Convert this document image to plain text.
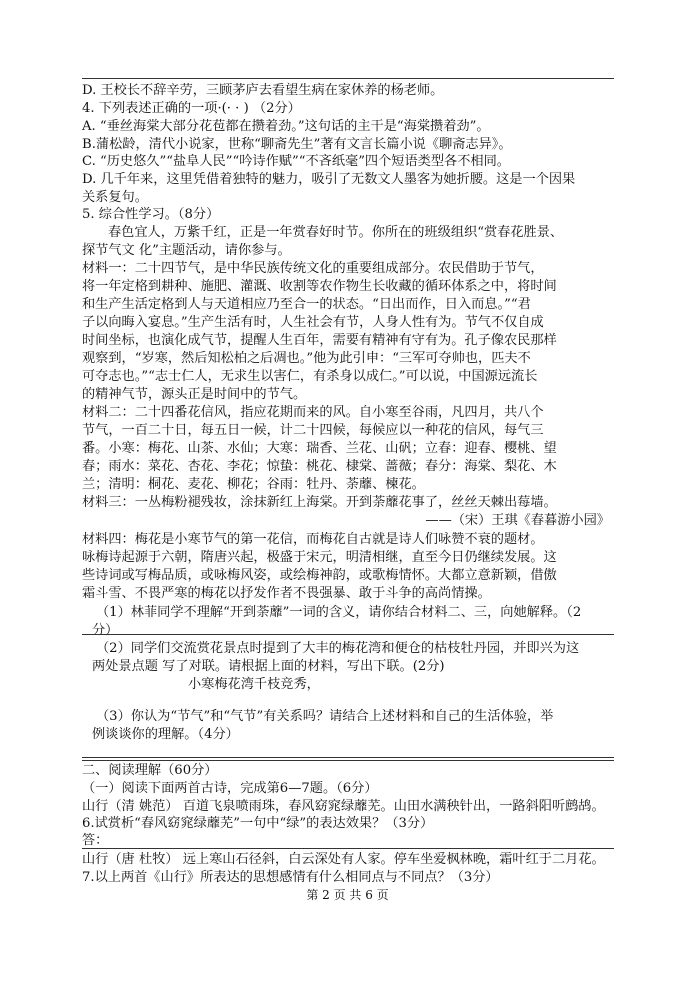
D. 王校长不辞辛劳，三顾茅庐去看望生病在家休养的杨老师。
4. 下列表述正确的一项·(· · ) （2分）
A. “垂丝海棠大部分花苞都在攒着劲。”这句话的主干是“海棠攒着劲”。
B.蒲松龄，清代小说家，世称“聊斋先生”著有文言长篇小说《聊斋志异》。
C. “历史悠久”“盐阜人民”“吟诗作赋”“不吝纸毫”四个短语类型各不相同。
D. 几千年来，这里凭借着独特的魅力，吸引了无数文人墨客为她折腰。这是一个因果
关系复句。
5. 综合性学习。（8分）
春色宜人，万紫千红，正是一年赏春好时节。你所在的班级组织“赏春花胜景、
探节气文 化”主题活动，请你参与。
材料一：二十四节气，是中华民族传统文化的重要组成部分。农民借助于节气，
将一年定格到耕种、施肥、灌溉、收割等农作物生长收藏的循环体系之中，将时间
和生产生活定格到人与天道相应乃至合一的状态。“日出而作，日入而息。”“君
子以向晦入宴息。”生产生活有时，人生社会有节，人身人性有为。节气不仅自成
时间坐标，也演化成气节，提醒人生百年，需要有精神有守有为。孔子像农民那样
观察到，“岁寒，然后知松柏之后凋也。”他为此引申：“三军可夺帅也，匹夫不
可夺志也。”“志士仁人，无求生以害仁，有杀身以成仁。”可以说，中国源远流长
的精神气节，源头正是时间中的节气。
材料二：二十四番花信风，指应花期而来的风。自小寒至谷雨，凡四月，共八个
节气，一百二十日，每五日一候，计二十四候，每候应以一种花的信风，每气三
番。小寒：梅花、山茶、水仙；大寒：瑞香、兰花、山矾；立春：迎春、樱桃、望
春；雨水：菜花、杏花、李花；惊蛰：桃花、棣棠、蔷薇；春分：海棠、梨花、木
兰；清明：桐花、麦花、柳花；谷雨：牡丹、荼蘼、楝花。
材料三：一丛梅粉褪残妆，涂抹新红上海棠。开到荼蘼花事了，丝丝天棘出莓墙。
——（宋）王琪《春暮游小园》
材料四：梅花是小寒节气的第一花信，而梅花自古就是诗人们咏赞不衰的题材。
咏梅诗起源于六朝，隋唐兴起，极盛于宋元，明清相继，直至今日仍继续发展。这
些诗词或写梅品质，或咏梅风姿，或绘梅神韵，或歌梅情怀。大都立意新颖，借傲
霜斗雪、不畏严寒的梅花以抒发作者不畏强暴、敢于斗争的高尚情操。
（1）林菲同学不理解“开到荼蘼”一词的含义，请你结合材料二、三，向她解释。（2
分）
（2）同学们交流赏花景点时提到了大丰的梅花湾和便仓的枯枝牡丹园，并即兴为这
两处景点题 写了对联。请根据上面的材料，写出下联。(2分)
小寒梅花湾千枝竞秀，
（3）你认为“节气”和“气节”有关系吗？请结合上述材料和自己的生活体验，举
例谈谈你的理解。（4分）
二、阅读理解（60分）
（一）阅读下面两首古诗，完成第6—7题。（6分）
山行（清 姚范） 百道飞泉喷雨珠，春风窈窕绿蘼芜。山田水满秧针出，一路斜阳听鹧鸪。
6.试赏析“春风窈窕绿蘼芜”一句中“绿”的表达效果？（3分）
答：
山行（唐 杜牧） 远上寒山石径斜，白云深处有人家。停车坐爱枫林晚，霜叶红于二月花。
7.以上两首《山行》所表达的思想感情有什么相同点与不同点？（3分）
第 2 页 共 6 页
